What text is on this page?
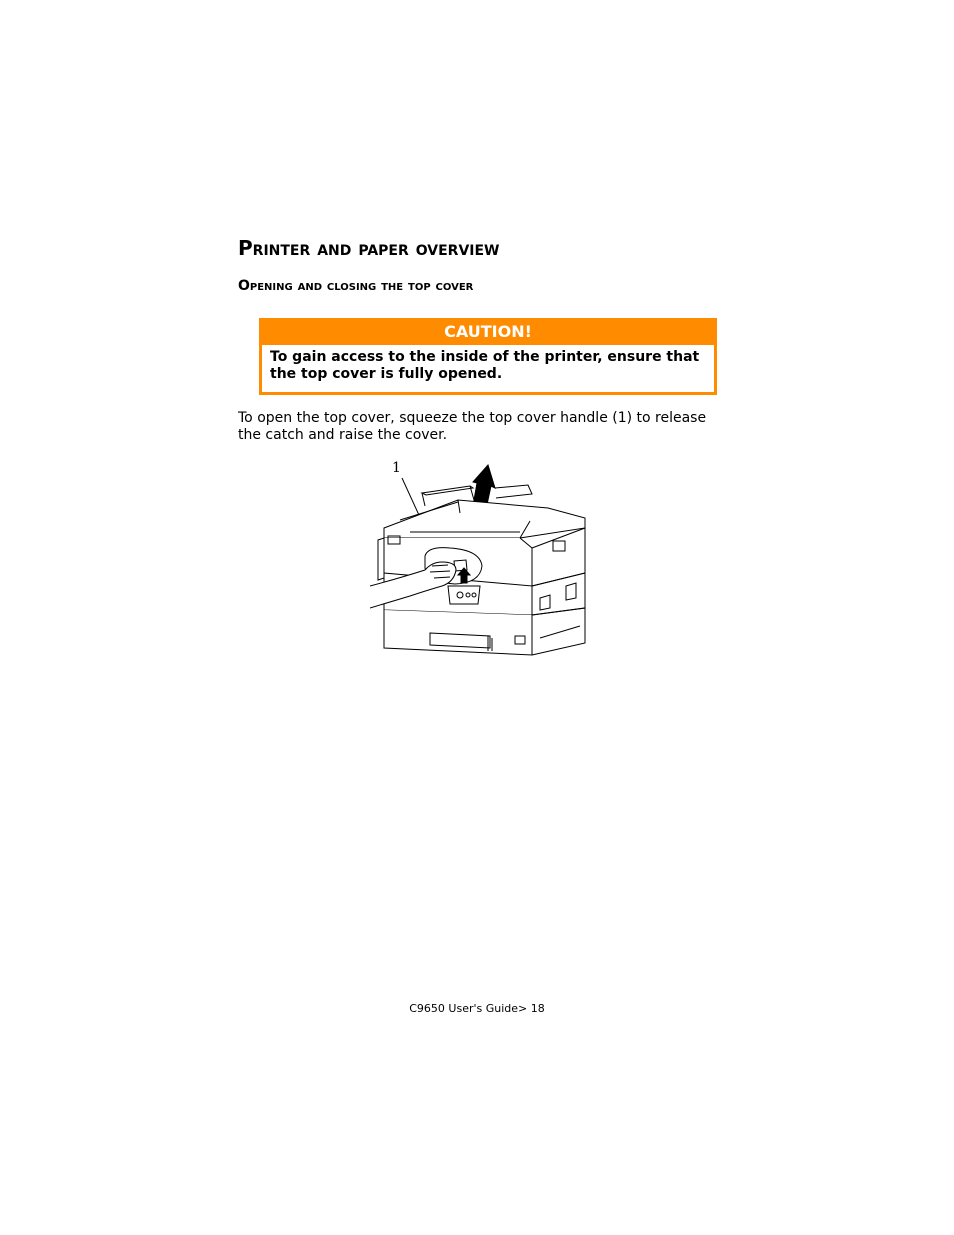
Printer and paper overview
Opening and closing the top cover
CAUTION!
To gain access to the inside of the printer, ensure that the top cover is fully opened.

To open the top cover, squeeze the top cover handle (1) to release the catch and raise the cover.

1
C9650 User's Guide> 18
